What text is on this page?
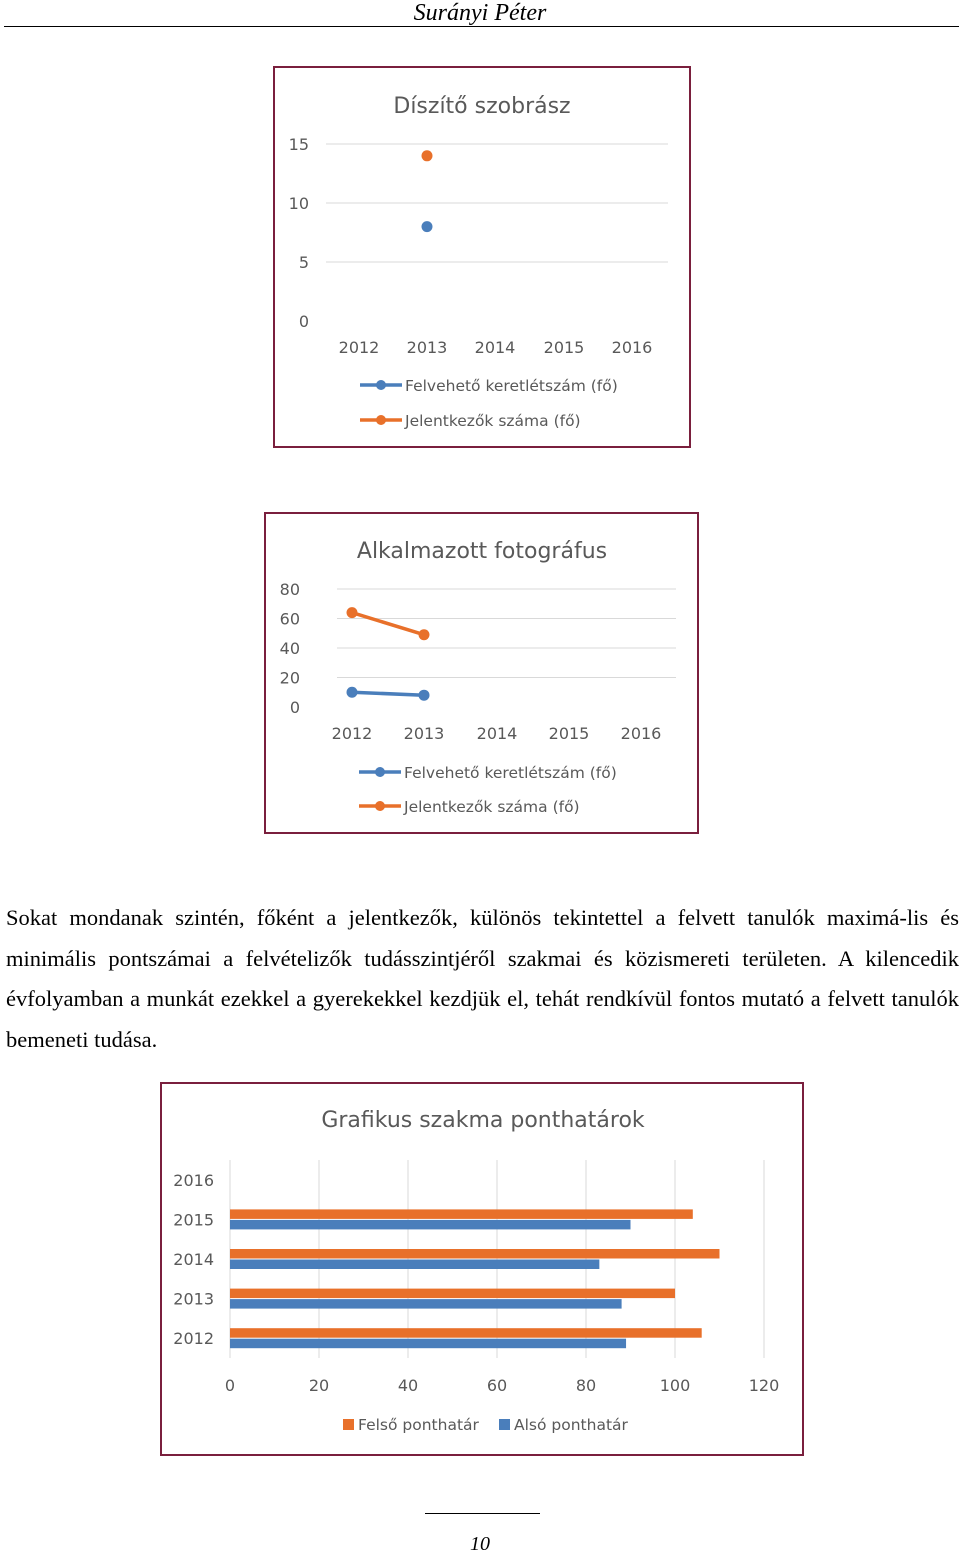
Surányi Péter
Díszítő szobrász
0
5
10
15
2012 2013 2014 2015 2016
Felvehető keretlétszám (fő)
Jelentkezők száma (fő)
Alkalmazott fotográfus
0
20
40
60
80
2012 2013 2014 2015 2016
Felvehető keretlétszám (fő)
Jelentkezők száma (fő)

Sokat mondanak szintén, főként a jelentkezők, különös tekintettel a felvett tanulók maximá-lis és minimális pontszámai a felvételizők tudásszintjéről szakmai és közismereti területen. A kilencedik évfolyamban a munkát ezekkel a gyerekekkel kezdjük el, tehát rendkívül fontos mutató a felvett tanulók bemeneti tudása.

Grafikus szakma ponthatárok
0	20	40	60	80	100	120
2012
2013
2014
2015
2016
Felső ponthatár Alsó ponthatár
10
